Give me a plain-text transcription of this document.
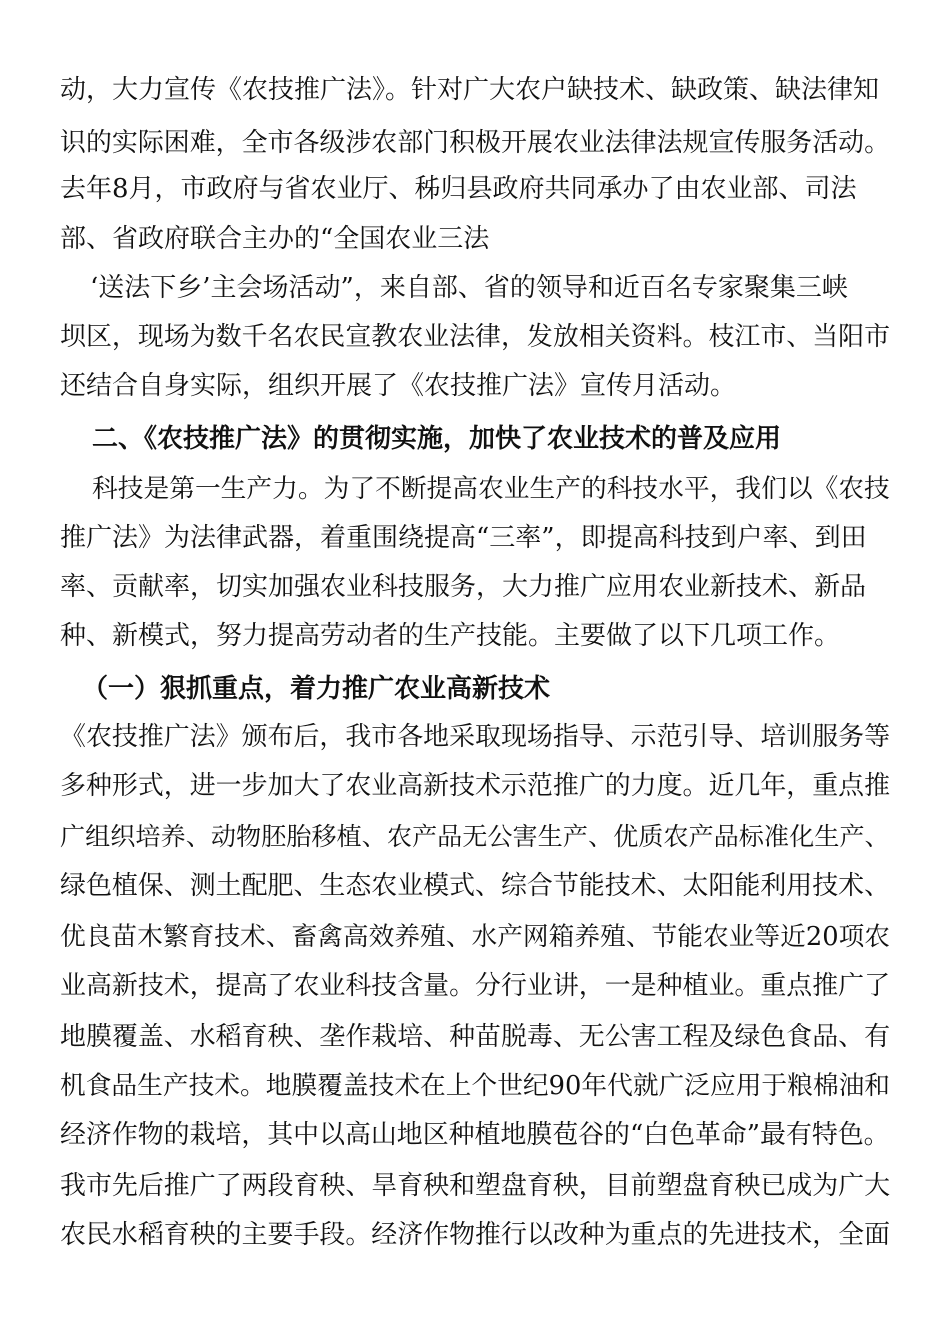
动，大力宣传《农技推广法》。针对广大农户缺技术、缺政策、缺法律知
识的实际困难，全市各级涉农部门积极开展农业法律法规宣传服务活动。
去年8月，市政府与省农业厅、秭归县政府共同承办了由农业部、司法
部、省政府联合主办的“全国农业三法
‘送法下乡’主会场活动”，来自部、省的领导和近百名专家聚集三峡
坝区，现场为数千名农民宣教农业法律，发放相关资料。枝江市、当阳市
还结合自身实际，组织开展了《农技推广法》宣传月活动。
二、《农技推广法》的贯彻实施，加快了农业技术的普及应用
科技是第一生产力。为了不断提高农业生产的科技水平，我们以《农技
推广法》为法律武器，着重围绕提高“三率”，即提高科技到户率、到田
率、贡献率，切实加强农业科技服务，大力推广应用农业新技术、新品
种、新模式，努力提高劳动者的生产技能。主要做了以下几项工作。
（一）狠抓重点，着力推广农业高新技术
《农技推广法》颁布后，我市各地采取现场指导、示范引导、培训服务等
多种形式，进一步加大了农业高新技术示范推广的力度。近几年，重点推
广组织培养、动物胚胎移植、农产品无公害生产、优质农产品标准化生产、
绿色植保、测土配肥、生态农业模式、综合节能技术、太阳能利用技术、
优良苗木繁育技术、畜禽高效养殖、水产网箱养殖、节能农业等近20项农
业高新技术，提高了农业科技含量。分行业讲，一是种植业。重点推广了
地膜覆盖、水稻育秧、垄作栽培、种苗脱毒、无公害工程及绿色食品、有
机食品生产技术。地膜覆盖技术在上个世纪90年代就广泛应用于粮棉油和
经济作物的栽培，其中以高山地区种植地膜苞谷的“白色革命”最有特色。
我市先后推广了两段育秧、旱育秧和塑盘育秧，目前塑盘育秧已成为广大
农民水稻育秧的主要手段。经济作物推行以改种为重点的先进技术，全面
